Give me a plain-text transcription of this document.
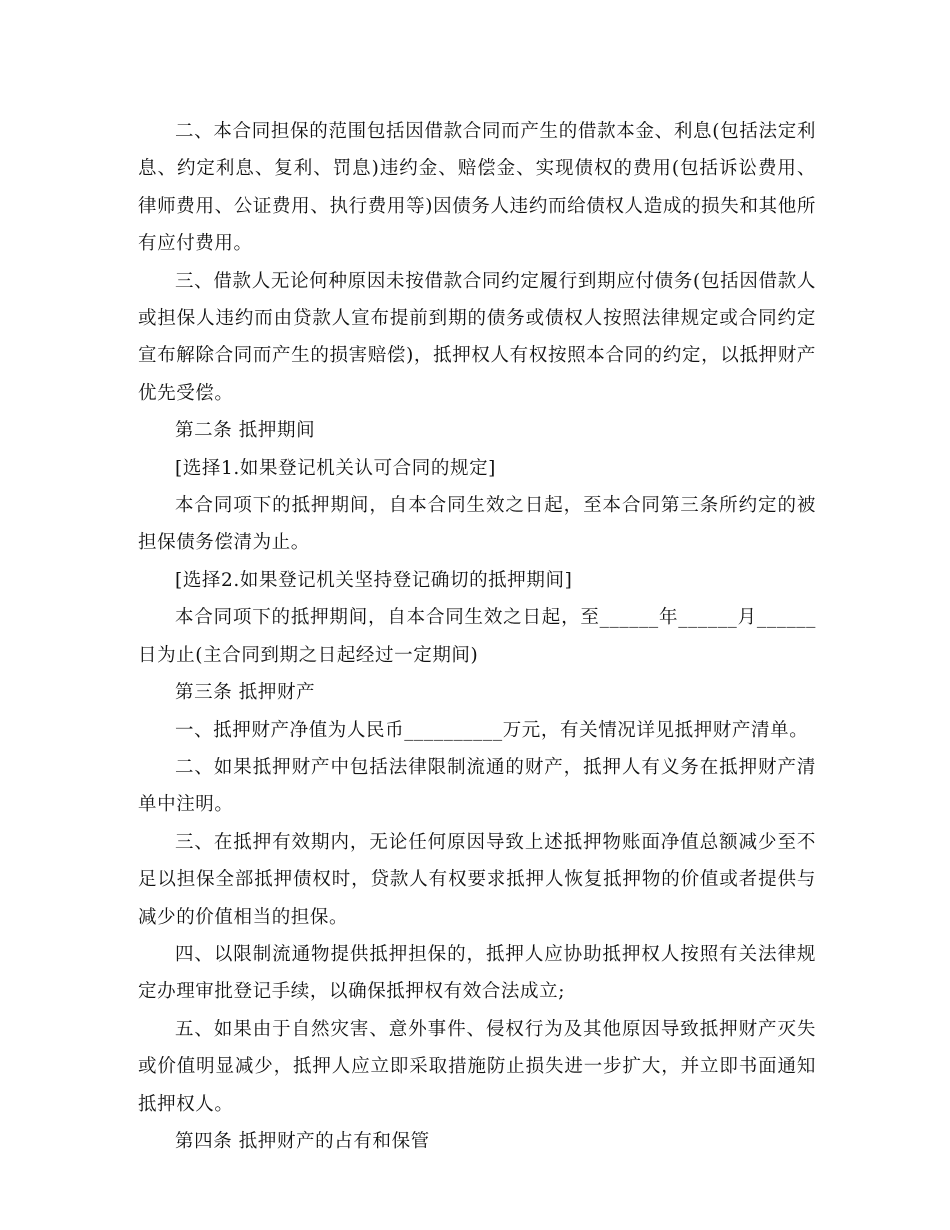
二、本合同担保的范围包括因借款合同而产生的借款本金、利息(包括法定利息、约定利息、复利、罚息)违约金、赔偿金、实现债权的费用(包括诉讼费用、律师费用、公证费用、执行费用等)因债务人违约而给债权人造成的损失和其他所有应付费用。

三、借款人无论何种原因未按借款合同约定履行到期应付债务(包括因借款人或担保人违约而由贷款人宣布提前到期的债务或债权人按照法律规定或合同约定宣布解除合同而产生的损害赔偿)，抵押权人有权按照本合同的约定，以抵押财产优先受偿。

第二条 抵押期间

[选择1.如果登记机关认可合同的规定]

本合同项下的抵押期间，自本合同生效之日起，至本合同第三条所约定的被担保债务偿清为止。

[选择2.如果登记机关坚持登记确切的抵押期间]

本合同项下的抵押期间，自本合同生效之日起，至______年______月______日为止(主合同到期之日起经过一定期间)

第三条 抵押财产

一、抵押财产净值为人民币__________万元，有关情况详见抵押财产清单。

二、如果抵押财产中包括法律限制流通的财产，抵押人有义务在抵押财产清单中注明。

三、在抵押有效期内，无论任何原因导致上述抵押物账面净值总额减少至不足以担保全部抵押债权时，贷款人有权要求抵押人恢复抵押物的价值或者提供与减少的价值相当的担保。

四、以限制流通物提供抵押担保的，抵押人应协助抵押权人按照有关法律规定办理审批登记手续，以确保抵押权有效合法成立;

五、如果由于自然灾害、意外事件、侵权行为及其他原因导致抵押财产灭失或价值明显减少，抵押人应立即采取措施防止损失进一步扩大，并立即书面通知抵押权人。

第四条 抵押财产的占有和保管
